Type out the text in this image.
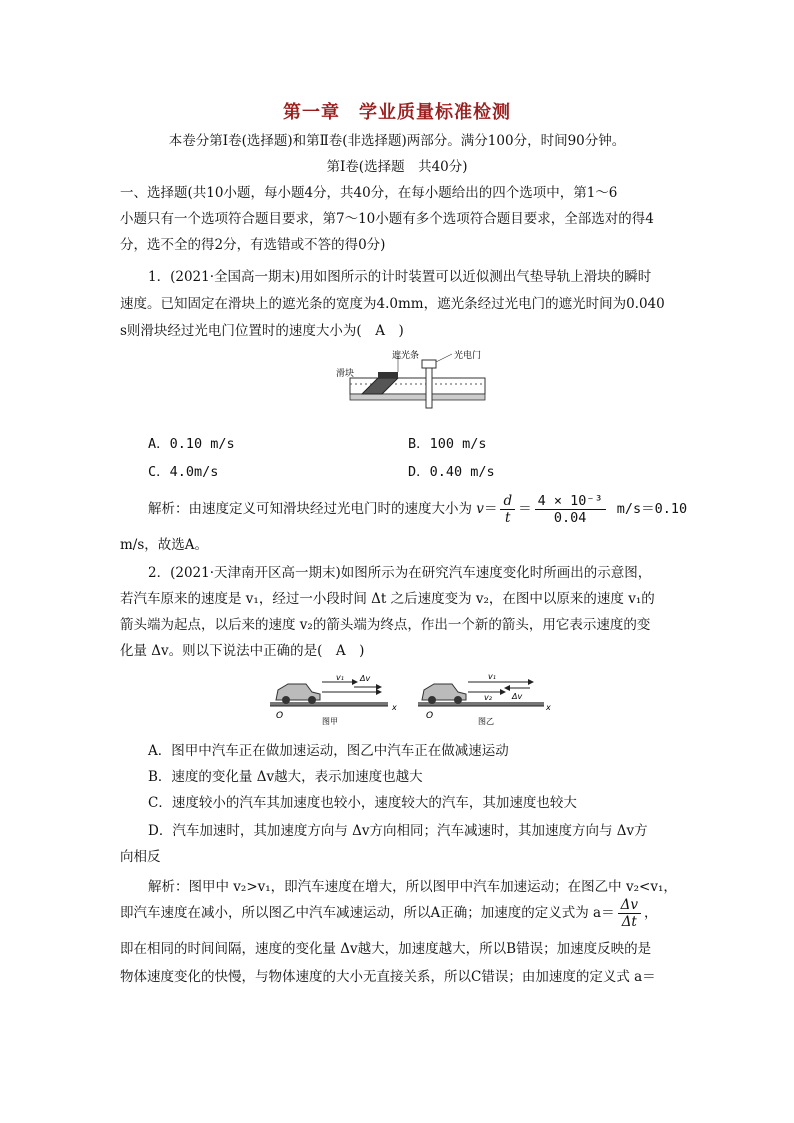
第一章　学业质量标准检测
本卷分第Ⅰ卷(选择题)和第Ⅱ卷(非选择题)两部分。满分100分，时间90分钟。
第Ⅰ卷(选择题　共40分)
一、选择题(共10小题，每小题4分，共40分，在每小题给出的四个选项中，第1～6
小题只有一个选项符合题目要求，第7～10小题有多个选项符合题目要求，全部选对的得4
分，选不全的得2分，有选错或不答的得0分)
1．(2021·全国高一期末)用如图所示的计时装置可以近似测出气垫导轨上滑块的瞬时
速度。已知固定在滑块上的遮光条的宽度为4.0mm，遮光条经过光电门的遮光时间为0.040
s则滑块经过光电门位置时的速度大小为(　A　)
滑块
遮光条	光电门
A．0.10 m/s	B．100 m/s
C．4.0m/s	D．0.40 m/s
解析：由速度定义可知滑块经过光电门时的速度大小为 $v= \frac{d}{t} = \frac{\text{4 × 10⁻³}}{0.04} m/s=0.10$
m/s，故选A。
2．(2021·天津南开区高一期末)如图所示为在研究汽车速度变化时所画出的示意图，
若汽车原来的速度是 v₁，经过一小段时间 Δt 之后速度变为 v₂，在图中以原来的速度 v₁的
箭头端为起点，以后来的速度 v₂的箭头端为终点，作出一个新的箭头，用它表示速度的变
化量 Δv。则以下说法中正确的是(　A　)
v₁ Δv
O
x
图甲
v₁
v₂	Δv
O
x
图乙
A．图甲中汽车正在做加速运动，图乙中汽车正在做减速运动
B．速度的变化量 Δv越大，表示加速度也越大
C．速度较小的汽车其加速度也较小，速度较大的汽车，其加速度也较大
D．汽车加速时，其加速度方向与 Δv方向相同；汽车减速时，其加速度方向与 Δv方
向相反
解析：图甲中 v₂>v₁，即汽车速度在增大，所以图甲中汽车加速运动；在图乙中 v₂<v₁，
即汽车速度在减小，所以图乙中汽车减速运动，所以A正确；加速度的定义式为 $a= \frac{\Delta v}{\Delta t}$ ，
即在相同的时间间隔，速度的变化量 Δv越大，加速度越大，所以B错误；加速度反映的是
物体速度变化的快慢，与物体速度的大小无直接关系，所以C错误；由加速度的定义式 a＝
